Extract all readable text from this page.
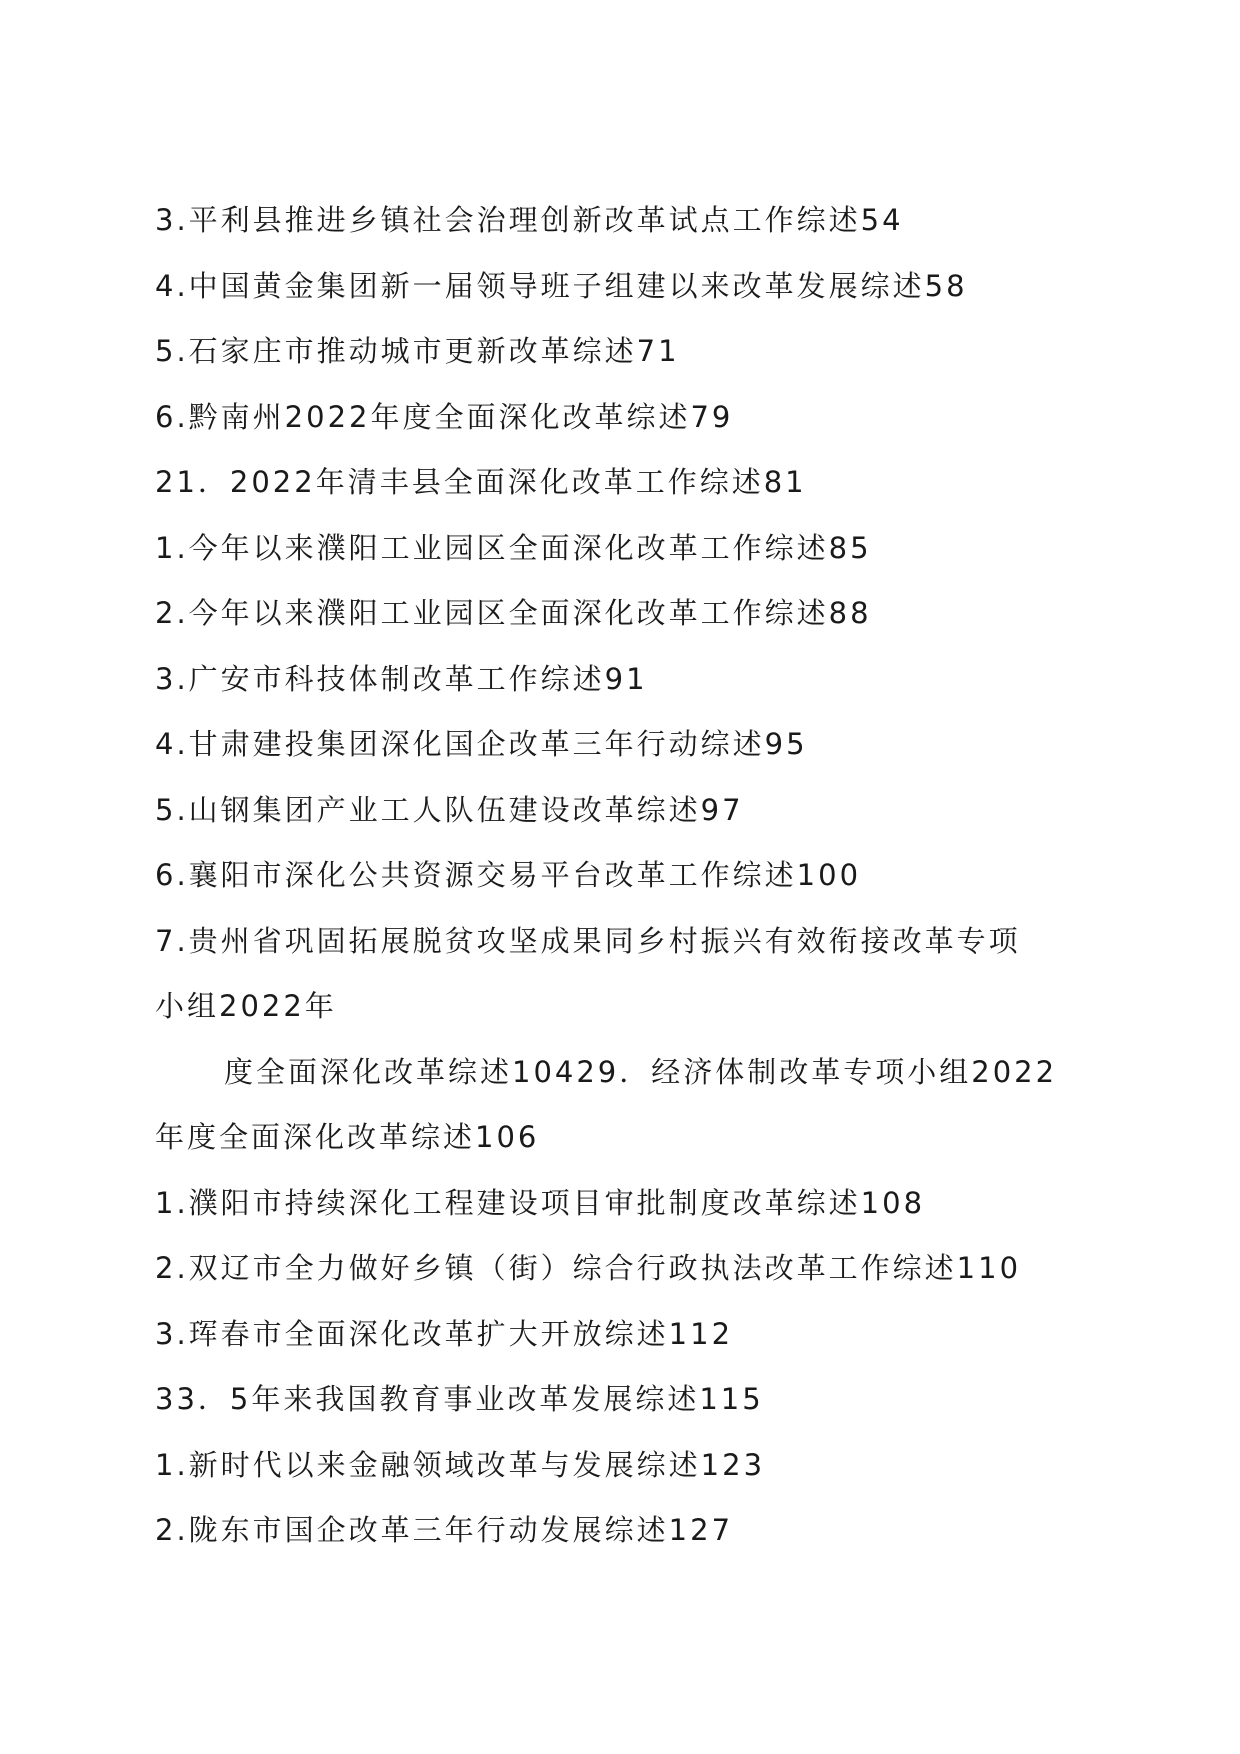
3.平利县推进乡镇社会治理创新改革试点工作综述54
4.中国黄金集团新一届领导班子组建以来改革发展综述58
5.石家庄市推动城市更新改革综述71
6.黔南州2022年度全面深化改革综述79
21．2022年清丰县全面深化改革工作综述81
1.今年以来濮阳工业园区全面深化改革工作综述85
2.今年以来濮阳工业园区全面深化改革工作综述88
3.广安市科技体制改革工作综述91
4.甘肃建投集团深化国企改革三年行动综述95
5.山钢集团产业工人队伍建设改革综述97
6.襄阳市深化公共资源交易平台改革工作综述100
7.贵州省巩固拓展脱贫攻坚成果同乡村振兴有效衔接改革专项
小组2022年
度全面深化改革综述10429．经济体制改革专项小组2022
年度全面深化改革综述106
1.濮阳市持续深化工程建设项目审批制度改革综述108
2.双辽市全力做好乡镇（街）综合行政执法改革工作综述110
3.珲春市全面深化改革扩大开放综述112
33．5年来我国教育事业改革发展综述115
1.新时代以来金融领域改革与发展综述123
2.陇东市国企改革三年行动发展综述127
